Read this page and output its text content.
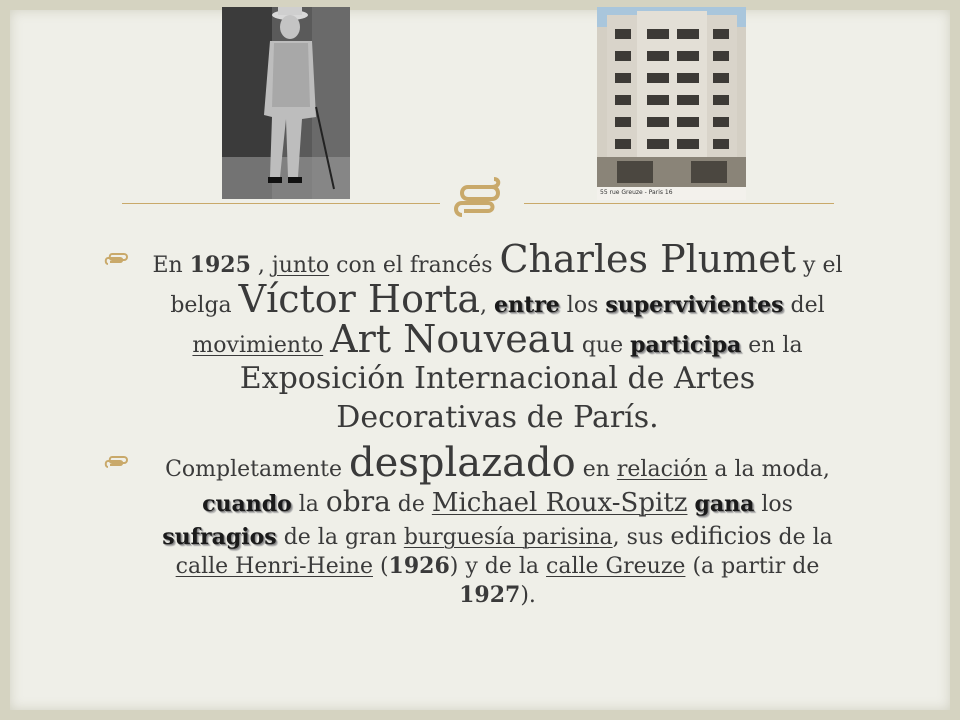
55 rue Greuze - Paris 16

En 1925 , junto con el francés Charles Plumet y el belga Víctor Horta, entre los supervivientes del movimiento Art Nouveau que participa en la Exposición Internacional de Artes Decorativas de París.

Completamente desplazado en relación a la moda, cuando la obra de Michael Roux-Spitz gana los sufragios de la gran burguesía parisina, sus edificios de la calle Henri-Heine (1926) y de la calle Greuze (a partir de 1927).
